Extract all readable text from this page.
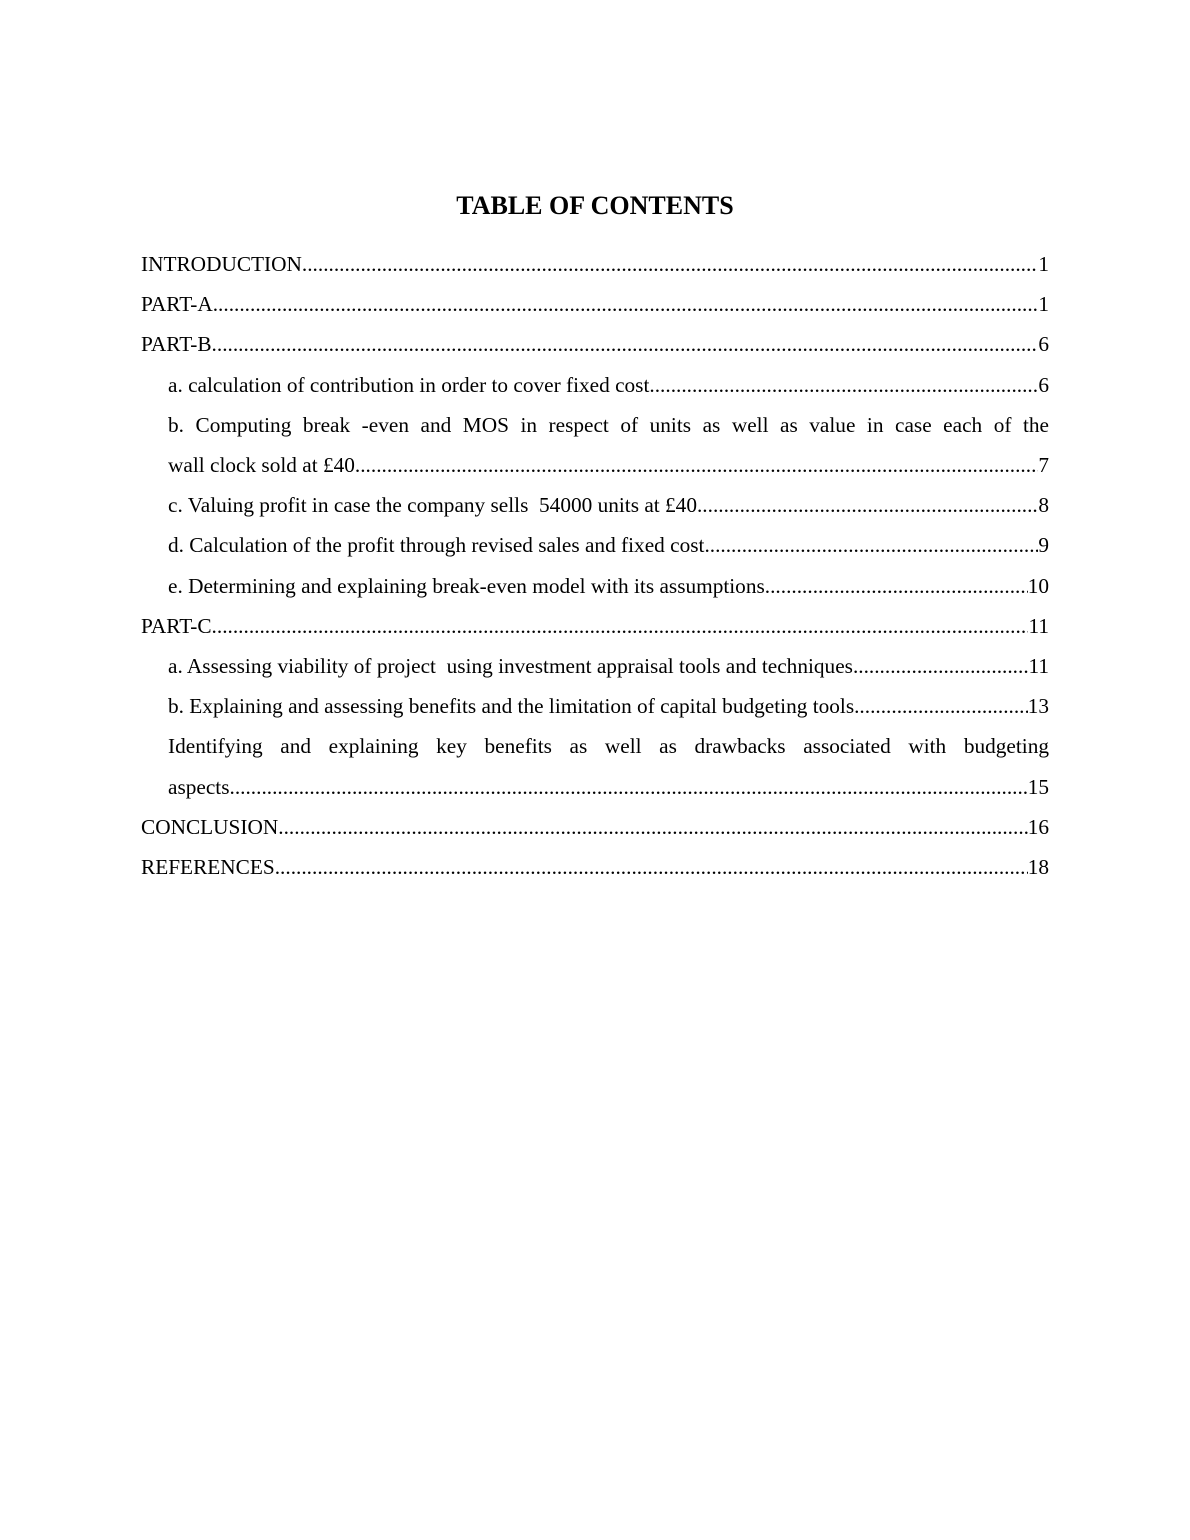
TABLE OF CONTENTS
INTRODUCTION .....	1
PART-A .....	1
PART-B .....	6
a. calculation of contribution in order to cover fixed cost .....	6
b. Computing break -even and MOS in respect of units as well as value in case each of the
wall clock sold at £40 .....	7
c. Valuing profit in case the company sells  54000 units at £40 .....	8
d. Calculation of the profit through revised sales and fixed cost .....	9
e. Determining and explaining break-even model with its assumptions .....	10
PART-C .....	11
a. Assessing viability of project  using investment appraisal tools and techniques .....	11
b. Explaining and assessing benefits and the limitation of capital budgeting tools .....	13
Identifying and explaining key benefits as well as drawbacks associated with budgeting
aspects .....	15
CONCLUSION .....	16
REFERENCES .....	18
